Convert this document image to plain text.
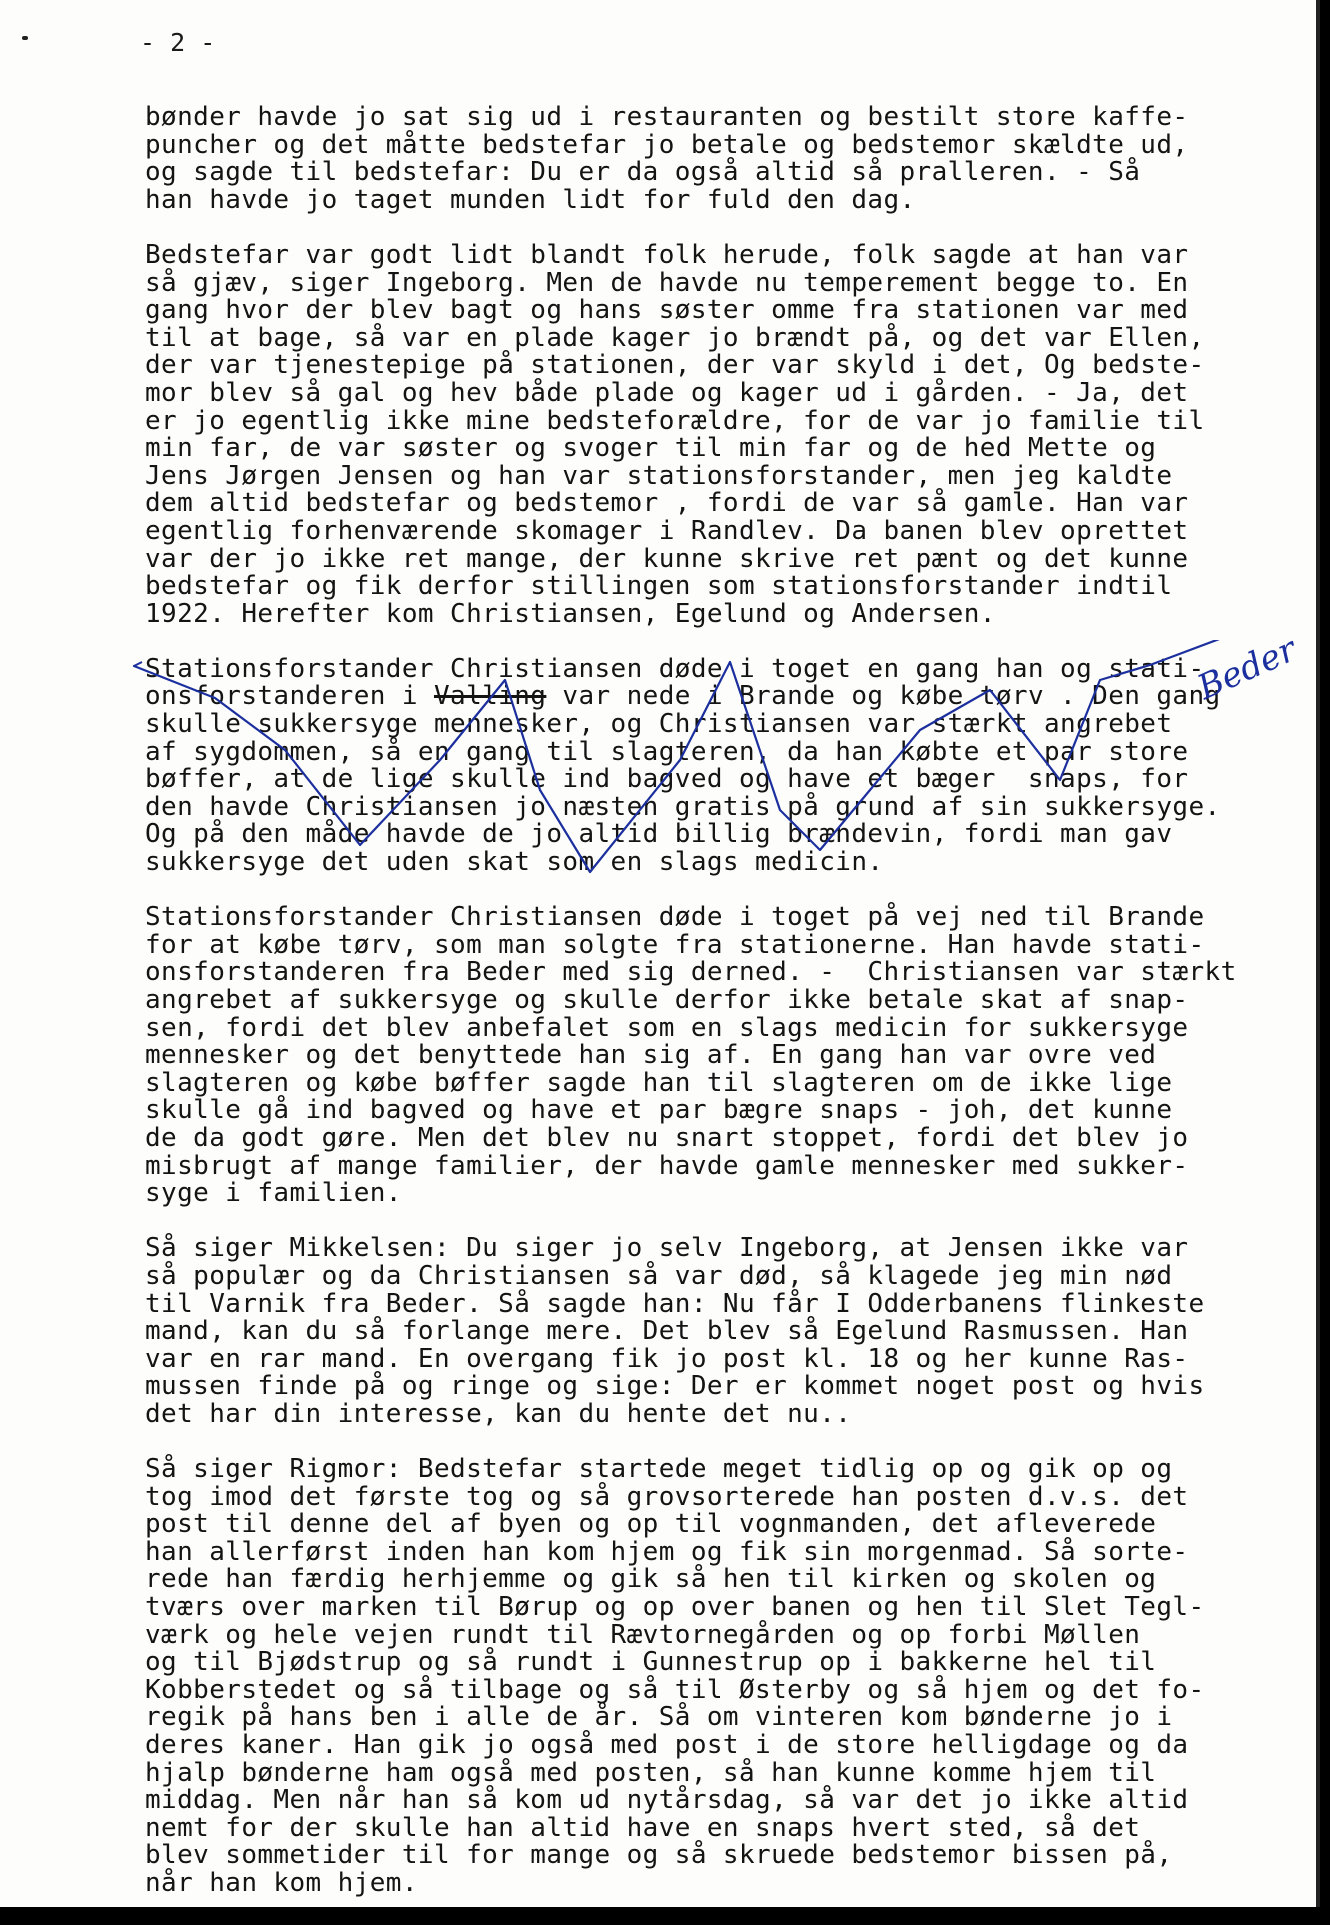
- 2 -
bønder havde jo sat sig ud i restauranten og bestilt store kaffe-
puncher og det måtte bedstefar jo betale og bedstemor skældte ud,
og sagde til bedstefar: Du er da også altid så pralleren. - Så
han havde jo taget munden lidt for fuld den dag.
Bedstefar var godt lidt blandt folk herude, folk sagde at han var
så gjæv, siger Ingeborg. Men de havde nu temperement begge to. En
gang hvor der blev bagt og hans søster omme fra stationen var med
til at bage, så var en plade kager jo brændt på, og det var Ellen,
der var tjenestepige på stationen, der var skyld i det, Og bedste-
mor blev så gal og hev både plade og kager ud i gården. - Ja, det
er jo egentlig ikke mine bedsteforældre, for de var jo familie til
min far, de var søster og svoger til min far og de hed Mette og
Jens Jørgen Jensen og han var stationsforstander, men jeg kaldte
dem altid bedstefar og bedstemor , fordi de var så gamle. Han var
egentlig forhenværende skomager i Randlev. Da banen blev oprettet
var der jo ikke ret mange, der kunne skrive ret pænt og det kunne
bedstefar og fik derfor stillingen som stationsforstander indtil
1922. Herefter kom Christiansen, Egelund og Andersen.
Stationsforstander Christiansen døde i toget en gang han og stati-
onsforstanderen i Valling var nede i Brande og købe tørv . Den gang
skulle sukkersyge mennesker, og Christiansen var stærkt angrebet
af sygdommen, så en gang til slagteren, da han købte et par store
bøffer, at de lige skulle ind bagved og have et bæger  snaps, for
den havde Christiansen jo næsten gratis på grund af sin sukkersyge.
Og på den måde havde de jo altid billig brændevin, fordi man gav
sukkersyge det uden skat som en slags medicin.
Stationsforstander Christiansen døde i toget på vej ned til Brande
for at købe tørv, som man solgte fra stationerne. Han havde stati-
onsforstanderen fra Beder med sig derned. -  Christiansen var stærkt
angrebet af sukkersyge og skulle derfor ikke betale skat af snap-
sen, fordi det blev anbefalet som en slags medicin for sukkersyge
mennesker og det benyttede han sig af. En gang han var ovre ved
slagteren og købe bøffer sagde han til slagteren om de ikke lige
skulle gå ind bagved og have et par bægre snaps - joh, det kunne
de da godt gøre. Men det blev nu snart stoppet, fordi det blev jo
misbrugt af mange familier, der havde gamle mennesker med sukker-
syge i familien.
Så siger Mikkelsen: Du siger jo selv Ingeborg, at Jensen ikke var
så populær og da Christiansen så var død, så klagede jeg min nød
til Varnik fra Beder. Så sagde han: Nu får I Odderbanens flinkeste
mand, kan du så forlange mere. Det blev så Egelund Rasmussen. Han
var en rar mand. En overgang fik jo post kl. 18 og her kunne Ras-
mussen finde på og ringe og sige: Der er kommet noget post og hvis
det har din interesse, kan du hente det nu..
Så siger Rigmor: Bedstefar startede meget tidlig op og gik op og
tog imod det første tog og så grovsorterede han posten d.v.s. det
post til denne del af byen og op til vognmanden, det afleverede
han allerførst inden han kom hjem og fik sin morgenmad. Så sorte-
rede han færdig herhjemme og gik så hen til kirken og skolen og
tværs over marken til Børup og op over banen og hen til Slet Tegl-
værk og hele vejen rundt til Rævtornegården og op forbi Møllen
og til Bjødstrup og så rundt i Gunnestrup op i bakkerne hel til
Kobberstedet og så tilbage og så til Østerby og så hjem og det fo-
regik på hans ben i alle de år. Så om vinteren kom bønderne jo i
deres kaner. Han gik jo også med post i de store helligdage og da
hjalp bønderne ham også med posten, så han kunne komme hjem til
middag. Men når han så kom ud nytårsdag, så var det jo ikke altid
nemt for der skulle han altid have en snaps hvert sted, så det
blev sommetider til for mange og så skruede bedstemor bissen på,
når han kom hjem.
Beder
